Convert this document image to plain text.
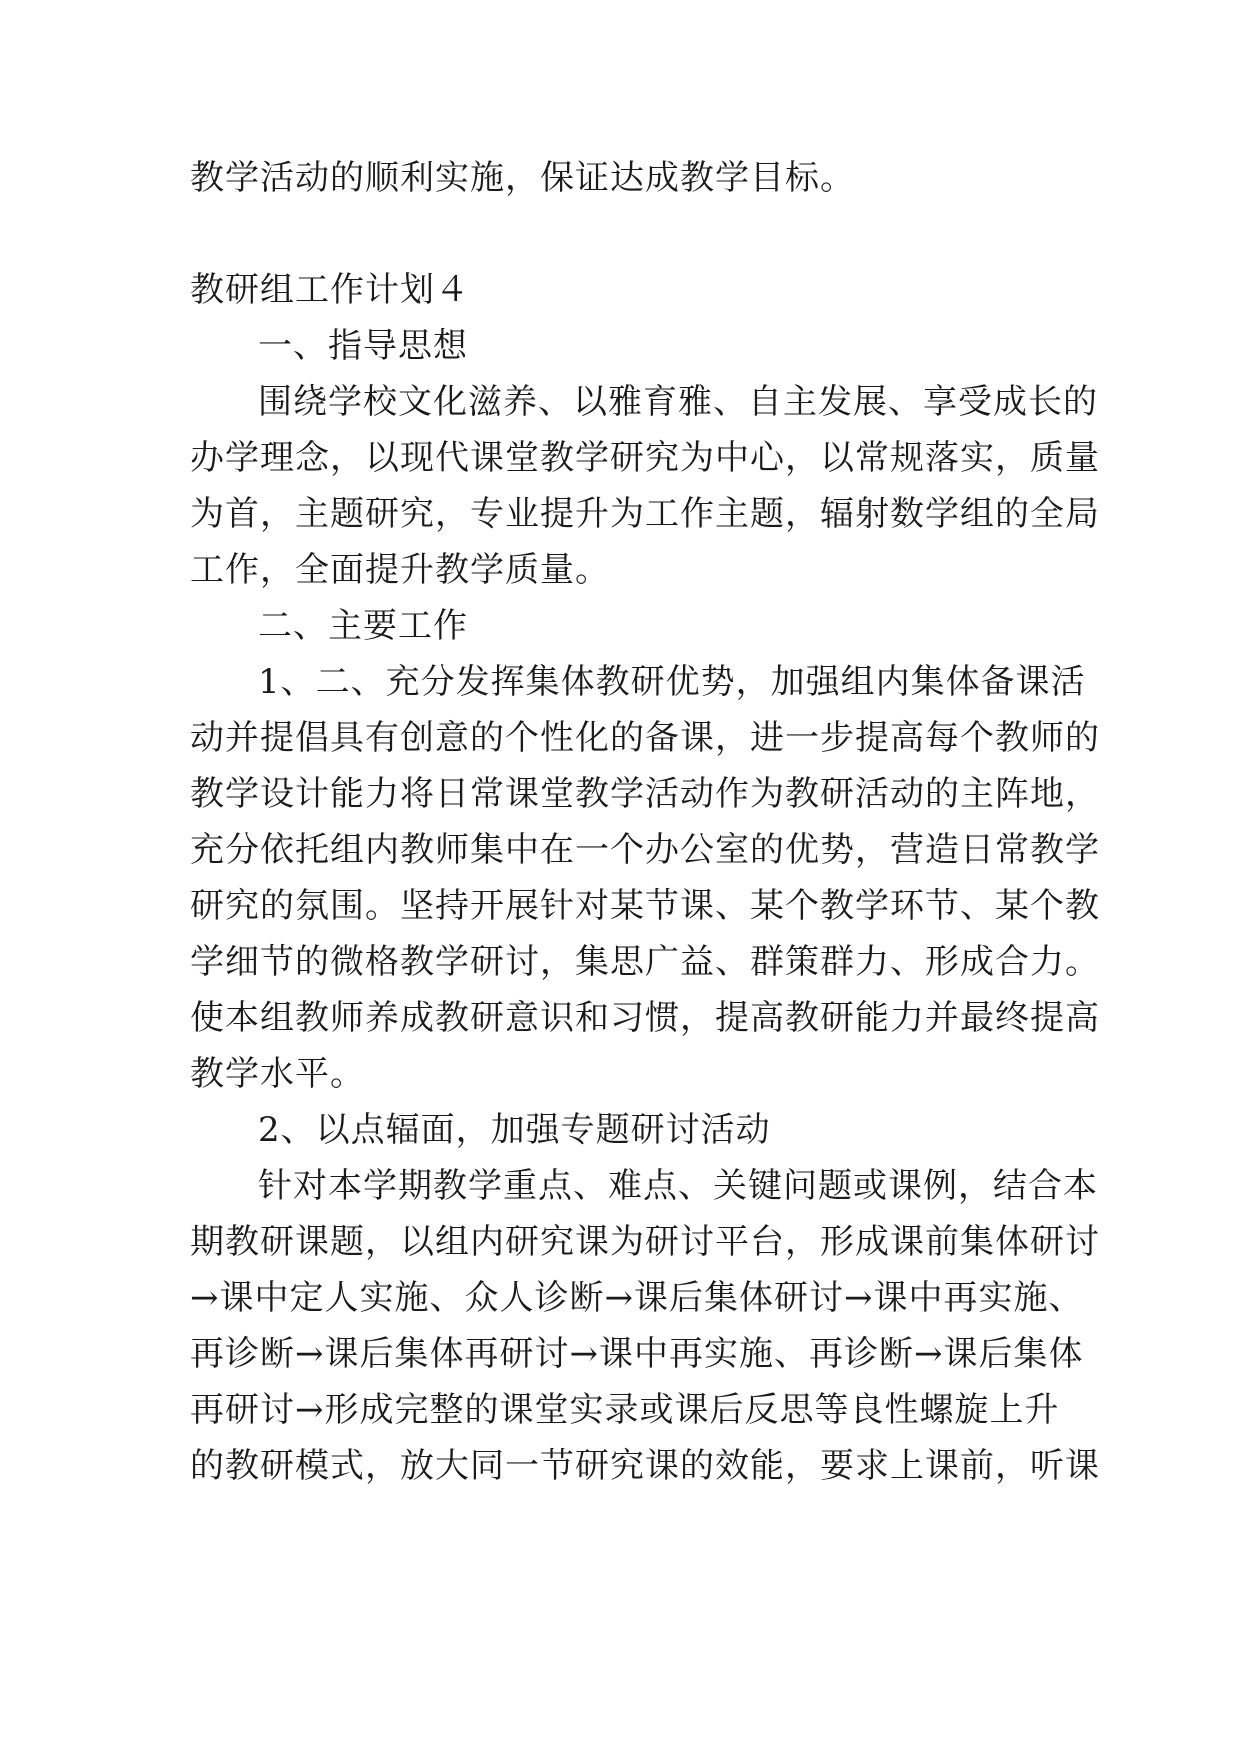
教学活动的顺利实施，保证达成教学目标。
教研组工作计划４
一、指导思想
围绕学校文化滋养、以雅育雅、自主发展、享受成长的
办学理念，以现代课堂教学研究为中心，以常规落实，质量
为首，主题研究，专业提升为工作主题，辐射数学组的全局
工作，全面提升教学质量。
二、主要工作
1、二、充分发挥集体教研优势，加强组内集体备课活
动并提倡具有创意的个性化的备课，进一步提高每个教师的
教学设计能力将日常课堂教学活动作为教研活动的主阵地，
充分依托组内教师集中在一个办公室的优势，营造日常教学
研究的氛围。坚持开展针对某节课、某个教学环节、某个教
学细节的微格教学研讨，集思广益、群策群力、形成合力。
使本组教师养成教研意识和习惯，提高教研能力并最终提高
教学水平。
2、以点辐面，加强专题研讨活动
针对本学期教学重点、难点、关键问题或课例，结合本
期教研课题，以组内研究课为研讨平台，形成课前集体研讨
→课中定人实施、众人诊断→课后集体研讨→课中再实施、
再诊断→课后集体再研讨→课中再实施、再诊断→课后集体
再研讨→形成完整的课堂实录或课后反思等良性螺旋上升
的教研模式，放大同一节研究课的效能，要求上课前，听课
